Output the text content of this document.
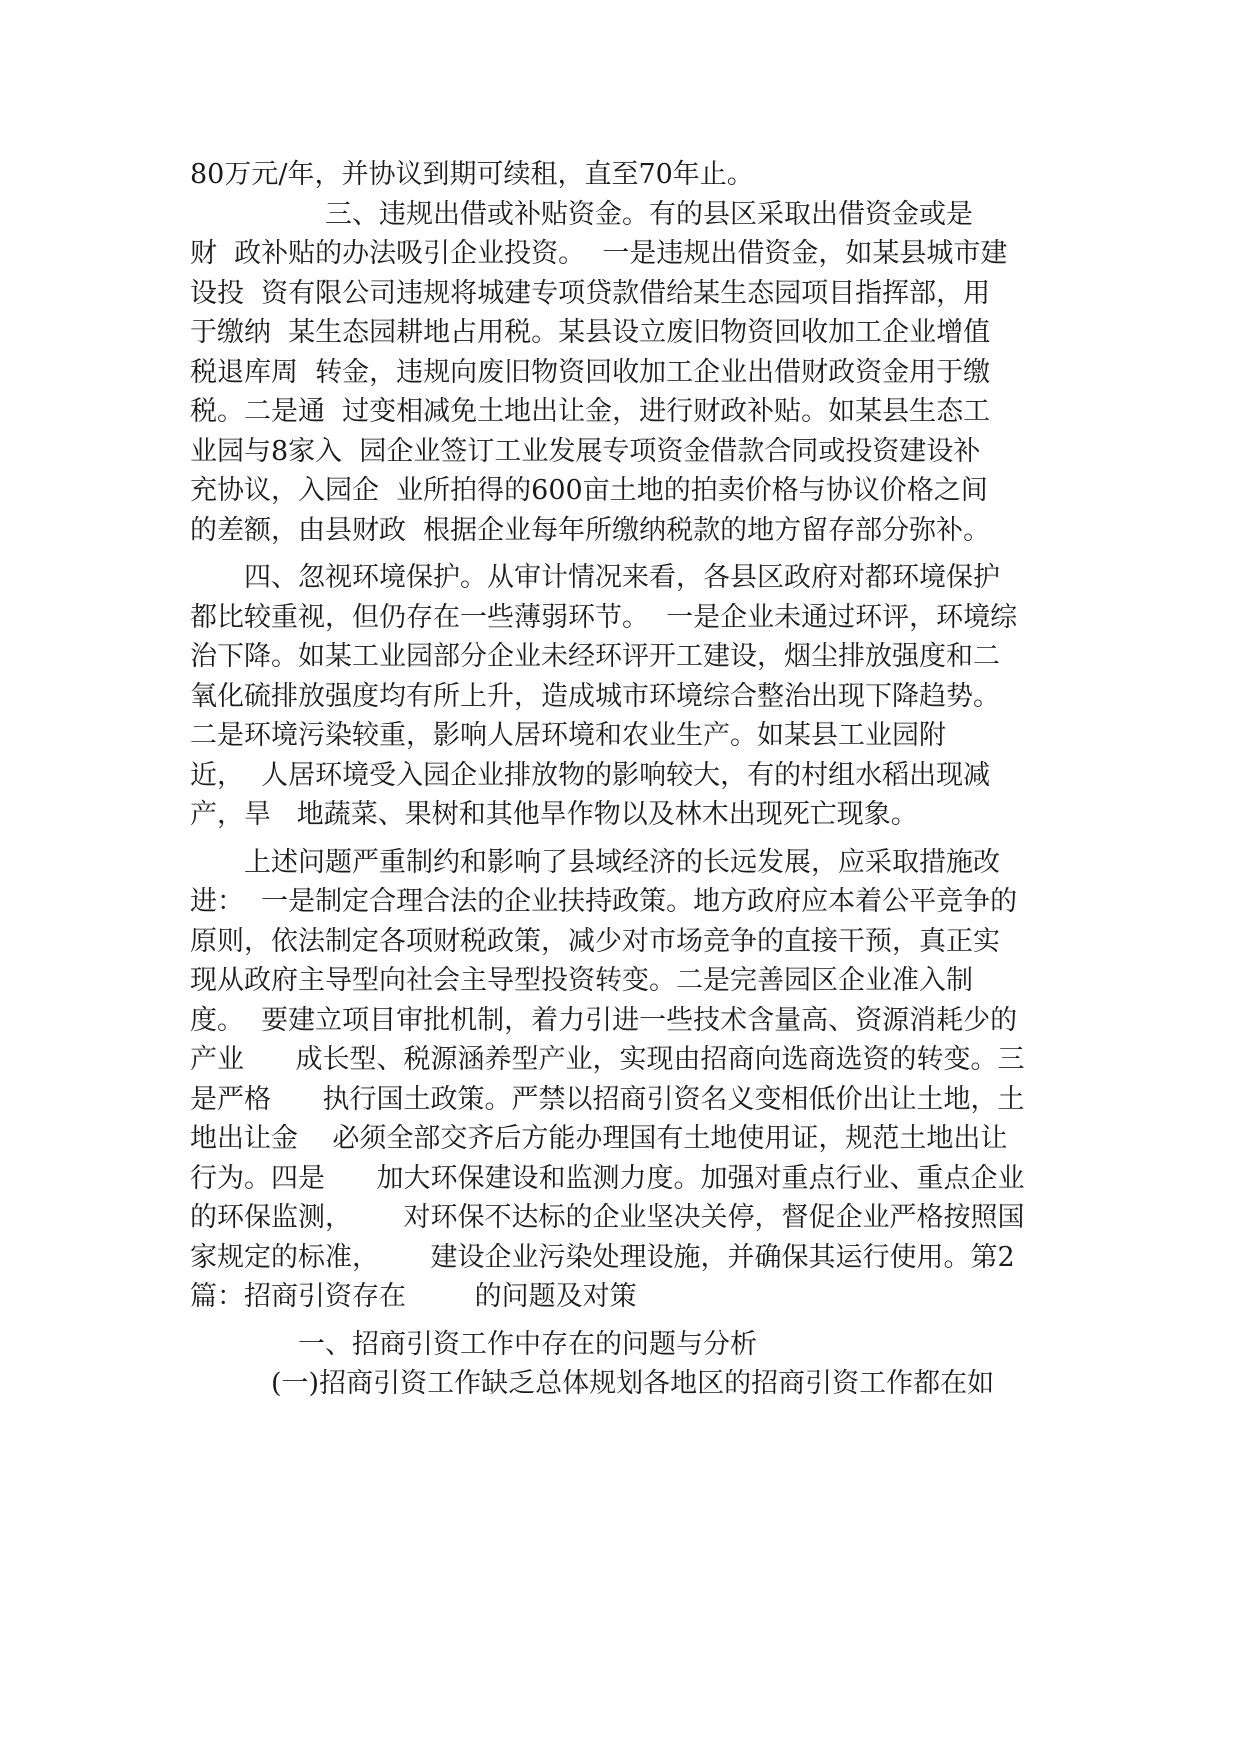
80万元/年，并协议到期可续租，直至70年止。
　　　　　三、违规出借或补贴资金。有的县区采取出借资金或是
财  政补贴的办法吸引企业投资。  一是违规出借资金，如某县城市建
设投  资有限公司违规将城建专项贷款借给某生态园项目指挥部，用
于缴纳  某生态园耕地占用税。某县设立废旧物资回收加工企业增值
税退库周  转金，违规向废旧物资回收加工企业出借财政资金用于缴
税。二是通  过变相减免土地出让金，进行财政补贴。如某县生态工
业园与8家入  园企业签订工业发展专项资金借款合同或投资建设补
充协议，入园企  业所拍得的600亩土地的拍卖价格与协议价格之间
的差额，由县财政  根据企业每年所缴纳税款的地方留存部分弥补。
　　四、忽视环境保护。从审计情况来看，各县区政府对都环境保护
都比较重视，但仍存在一些薄弱环节。  一是企业未通过环评，环境综
治下降。如某工业园部分企业未经环评开工建设，烟尘排放强度和二
氧化硫排放强度均有所上升，造成城市环境综合整治出现下降趋势。
二是环境污染较重，影响人居环境和农业生产。如某县工业园附
近，  人居环境受入园企业排放物的影响较大，有的村组水稻出现减
产，旱   地蔬菜、果树和其他旱作物以及林木出现死亡现象。
　　上述问题严重制约和影响了县域经济的长远发展，应采取措施改
进：  一是制定合理合法的企业扶持政策。地方政府应本着公平竞争的
原则，依法制定各项财税政策，减少对市场竞争的直接干预，真正实
现从政府主导型向社会主导型投资转变。二是完善园区企业准入制
度。  要建立项目审批机制，着力引进一些技术含量高、资源消耗少的
产业      成长型、税源涵养型产业，实现由招商向选商选资的转变。三
是严格      执行国土政策。严禁以招商引资名义变相低价出让土地，土
地出让金    必须全部交齐后方能办理国有土地使用证，规范土地出让
行为。四是      加大环保建设和监测力度。加强对重点行业、重点企业
的环保监测，      对环保不达标的企业坚决关停，督促企业严格按照国
家规定的标准，      建设企业污染处理设施，并确保其运行使用。第2
篇：招商引资存在        的问题及对策
　　　　一、招商引资工作中存在的问题与分析
　　　(一)招商引资工作缺乏总体规划各地区的招商引资工作都在如
